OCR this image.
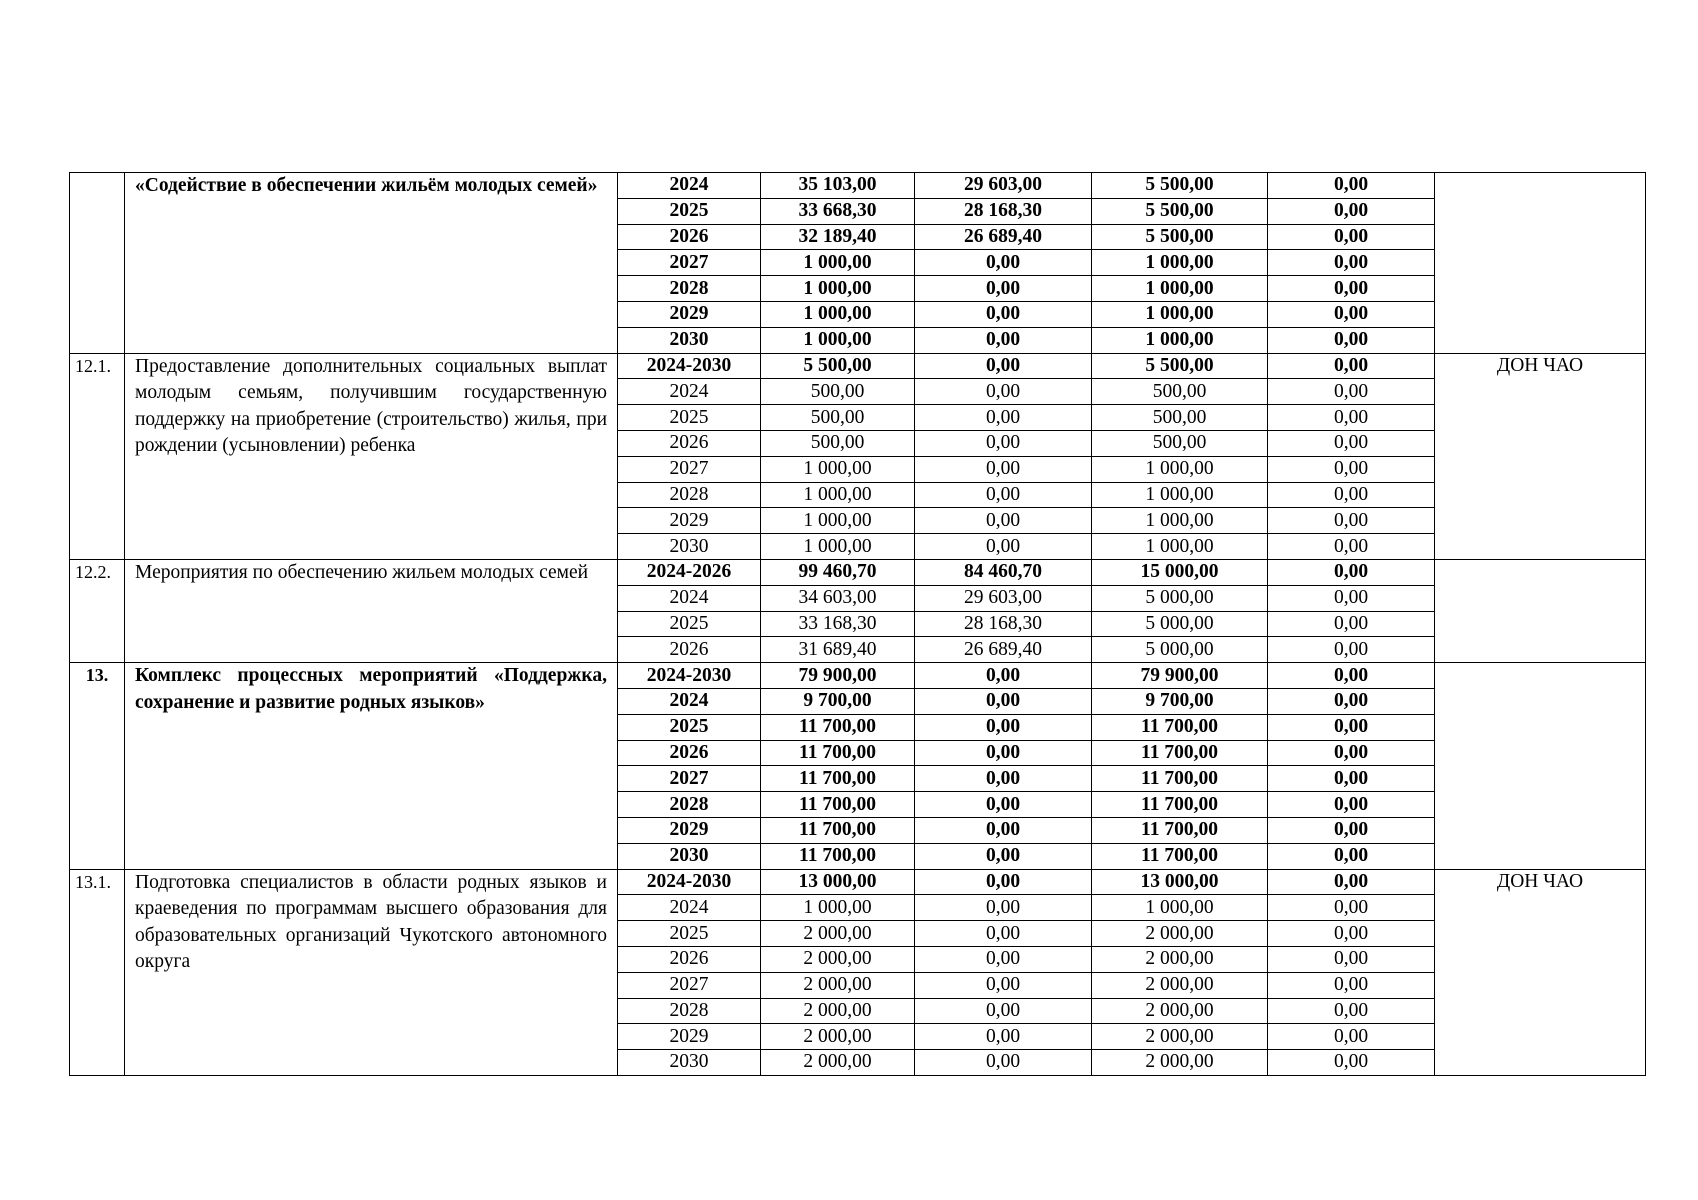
	«Содействие в обеспечении жильём молодых семей»	2024	35 103,00	29 603,00	5 500,00	0,00	
		2025	33 668,30	28 168,30	5 500,00	0,00	
		2026	32 189,40	26 689,40	5 500,00	0,00	
		2027	1 000,00	0,00	1 000,00	0,00	
		2028	1 000,00	0,00	1 000,00	0,00	
		2029	1 000,00	0,00	1 000,00	0,00	
		2030	1 000,00	0,00	1 000,00	0,00	
12.1.	Предоставление дополнительных социальных выплат молодым семьям, получившим государственную поддержку на приобретение (строительство) жилья, при рождении (усыновлении) ребенка	2024-2030	5 500,00	0,00	5 500,00	0,00	ДОН ЧАО
		2024	500,00	0,00	500,00	0,00	
		2025	500,00	0,00	500,00	0,00	
		2026	500,00	0,00	500,00	0,00	
		2027	1 000,00	0,00	1 000,00	0,00	
		2028	1 000,00	0,00	1 000,00	0,00	
		2029	1 000,00	0,00	1 000,00	0,00	
		2030	1 000,00	0,00	1 000,00	0,00	
12.2.	Мероприятия по обеспечению жильем молодых семей	2024-2026	99 460,70	84 460,70	15 000,00	0,00	
		2024	34 603,00	29 603,00	5 000,00	0,00	
		2025	33 168,30	28 168,30	5 000,00	0,00	
		2026	31 689,40	26 689,40	5 000,00	0,00	
13.	Комплекс процессных мероприятий «Поддержка, сохранение и развитие родных языков»	2024-2030	79 900,00	0,00	79 900,00	0,00	
		2024	9 700,00	0,00	9 700,00	0,00	
		2025	11 700,00	0,00	11 700,00	0,00	
		2026	11 700,00	0,00	11 700,00	0,00	
		2027	11 700,00	0,00	11 700,00	0,00	
		2028	11 700,00	0,00	11 700,00	0,00	
		2029	11 700,00	0,00	11 700,00	0,00	
		2030	11 700,00	0,00	11 700,00	0,00	
13.1.	Подготовка специалистов в области родных языков и краеведения по программам высшего образования для образовательных организаций Чукотского автономного округа	2024-2030	13 000,00	0,00	13 000,00	0,00	ДОН ЧАО
		2024	1 000,00	0,00	1 000,00	0,00	
		2025	2 000,00	0,00	2 000,00	0,00	
		2026	2 000,00	0,00	2 000,00	0,00	
		2027	2 000,00	0,00	2 000,00	0,00	
		2028	2 000,00	0,00	2 000,00	0,00	
		2029	2 000,00	0,00	2 000,00	0,00	
		2030	2 000,00	0,00	2 000,00	0,00	
